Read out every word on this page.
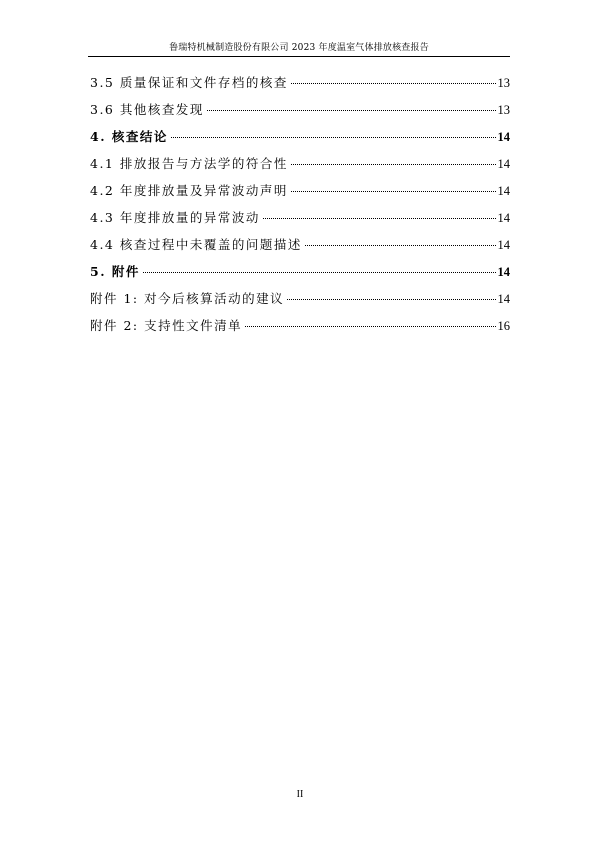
鲁瑞特机械制造股份有限公司 2023 年度温室气体排放核查报告
3.5 质量保证和文件存档的核查	13
3.6 其他核查发现	13
4. 核查结论	14
4.1 排放报告与方法学的符合性	14
4.2 年度排放量及异常波动声明	14
4.3 年度排放量的异常波动	14
4.4 核查过程中未覆盖的问题描述	14
5. 附件	14
附件 1: 对今后核算活动的建议	14
附件 2: 支持性文件清单	16
II
